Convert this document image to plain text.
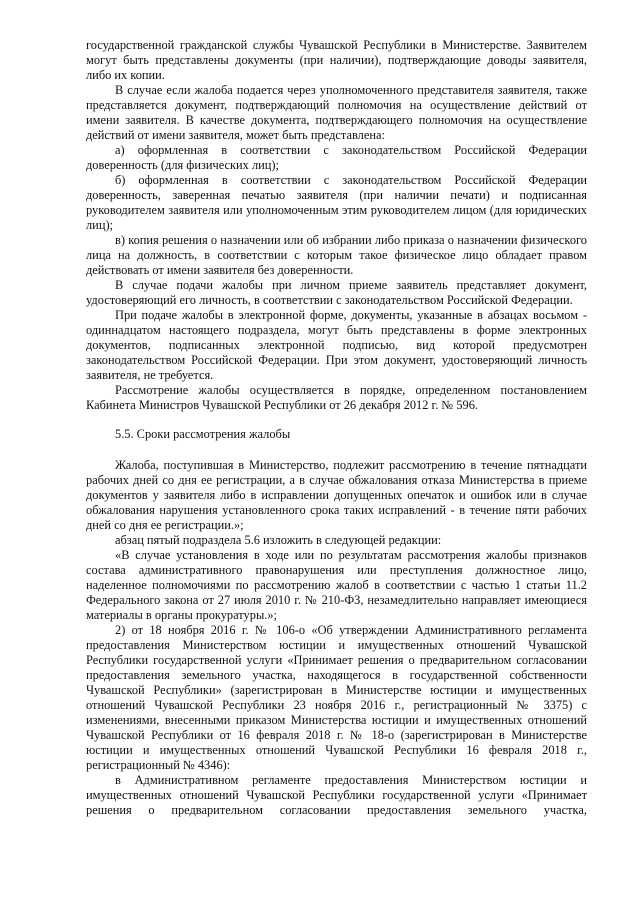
государственной гражданской службы Чувашской Республики в Министерстве. Заявителем могут быть представлены документы (при наличии), подтверждающие доводы заявителя, либо их копии.

В случае если жалоба подается через уполномоченного представителя заявителя, также представляется документ, подтверждающий полномочия на осуществление действий от имени заявителя. В качестве документа, подтверждающего полномочия на осуществление действий от имени заявителя, может быть представлена:

а) оформленная в соответствии с законодательством Российской Федерации доверенность (для физических лиц);

б) оформленная в соответствии с законодательством Российской Федерации доверенность, заверенная печатью заявителя (при наличии печати) и подписанная руководителем заявителя или уполномоченным этим руководителем лицом (для юридических лиц);

в) копия решения о назначении или об избрании либо приказа о назначении физического лица на должность, в соответствии с которым такое физическое лицо обладает правом действовать от имени заявителя без доверенности.

В случае подачи жалобы при личном приеме заявитель представляет документ, удостоверяющий его личность, в соответствии с законодательством Российской Федерации.

При подаче жалобы в электронной форме, документы, указанные в абзацах восьмом - одиннадцатом настоящего подраздела, могут быть представлены в форме электронных документов, подписанных электронной подписью, вид которой предусмотрен законодательством Российской Федерации. При этом документ, удостоверяющий личность заявителя, не требуется.

Рассмотрение жалобы осуществляется в порядке, определенном постановлением Кабинета Министров Чувашской Республики от 26 декабря 2012 г. № 596.

5.5. Сроки рассмотрения жалобы

Жалоба, поступившая в Министерство, подлежит рассмотрению в течение пятнадцати рабочих дней со дня ее регистрации, а в случае обжалования отказа Министерства в приеме документов у заявителя либо в исправлении допущенных опечаток и ошибок или в случае обжалования нарушения установленного срока таких исправлений - в течение пяти рабочих дней со дня ее регистрации.»;

абзац пятый подраздела 5.6 изложить в следующей редакции:

«В случае установления в ходе или по результатам рассмотрения жалобы признаков состава административного правонарушения или преступления должностное лицо, наделенное полномочиями по рассмотрению жалоб в соответствии с частью 1 статьи 11.2 Федерального закона от 27 июля 2010 г. № 210-ФЗ, незамедлительно направляет имеющиеся материалы в органы прокуратуры.»;

2) от 18 ноября 2016 г. № 106-о «Об утверждении Административного регламента предоставления Министерством юстиции и имущественных отношений Чувашской Республики государственной услуги «Принимает решения о предварительном согласовании предоставления земельного участка, находящегося в государственной собственности Чувашской Республики» (зарегистрирован в Министерстве юстиции и имущественных отношений Чувашской Республики 23 ноября 2016 г., регистрационный № 3375) с изменениями, внесенными приказом Министерства юстиции и имущественных отношений Чувашской Республики от 16 февраля 2018 г. № 18-о (зарегистрирован в Министерстве юстиции и имущественных отношений Чувашской Республики 16 февраля 2018 г., регистрационный № 4346):

в Административном регламенте предоставления Министерством юстиции и имущественных отношений Чувашской Республики государственной услуги «Принимает решения о предварительном согласовании предоставления земельного участка,
